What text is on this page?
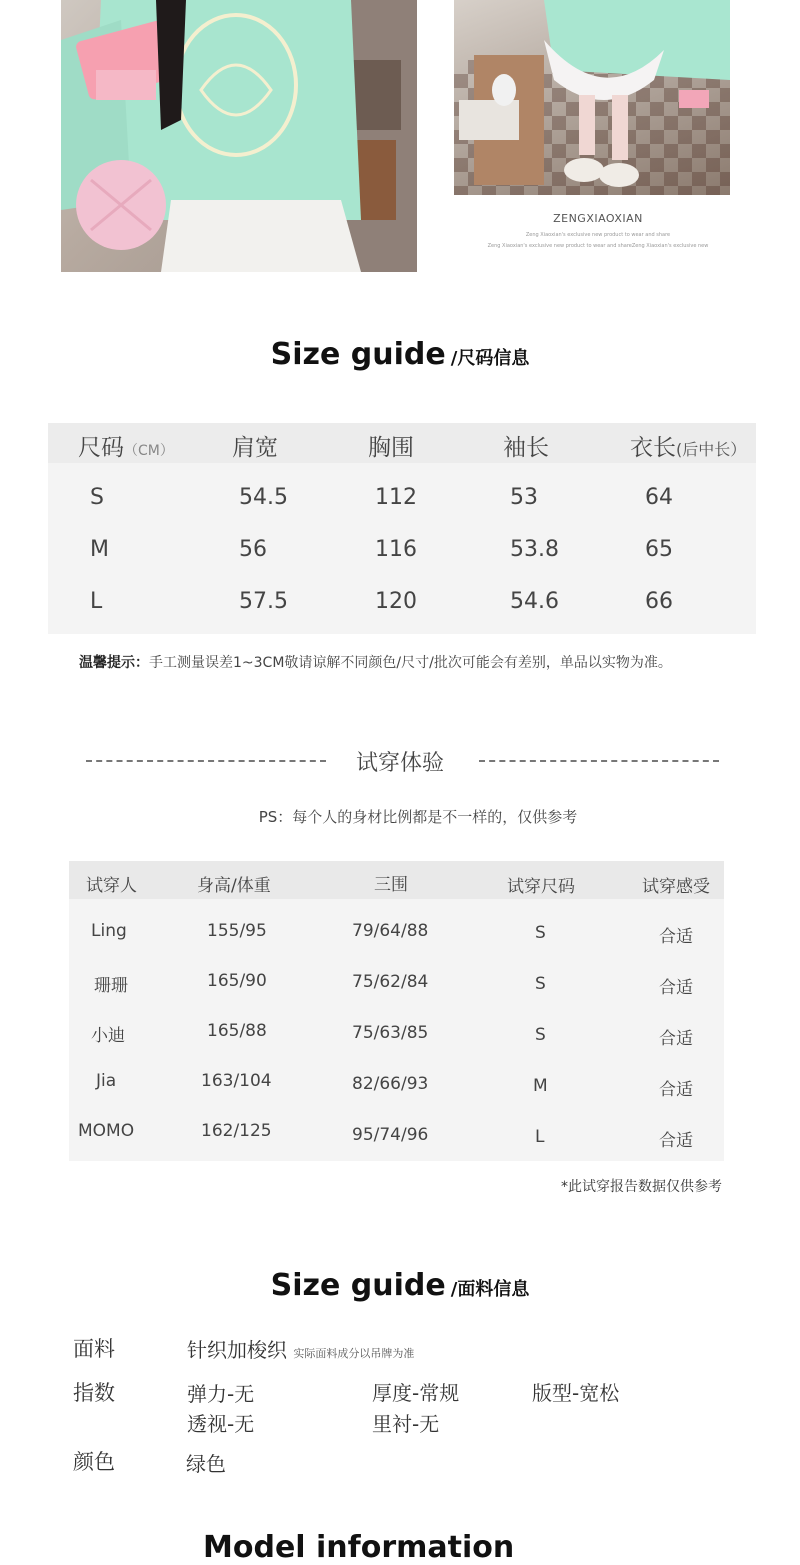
ZENGXIAOXIAN
Zeng Xiaoxian's exclusive new product to wear and share
Zeng Xiaoxian's exclusive new product to wear and shareZeng Xiaoxian's exclusive new
Size guide /尺码信息
尺码（CM）	肩宽	胸围	袖长	衣长(后中长）
S	54.5	112	53	64
M	56	116	53.8	65
L	57.5	120	54.6	66
温馨提示：手工测量误差1~3CM敬请谅解不同颜色/尺寸/批次可能会有差别，单品以实物为准。
试穿体验
PS：每个人的身材比例都是不一样的，仅供参考
试穿人	身高/体重	三围	试穿尺码	试穿感受
Ling	155/95	79/64/88	S	合适
珊珊	165/90	75/62/84	S	合适
小迪	165/88	75/63/85	S	合适
Jia	163/104	82/66/93	M	合适
MOMO	162/125	95/74/96	L	合适
*此试穿报告数据仅供参考
Size guide /面料信息
面料	针织加梭织 实际面料成分以吊牌为准
指数	弹力-无	厚度-常规	版型-宽松
透视-无	里衬-无
颜色	绿色
Model information
